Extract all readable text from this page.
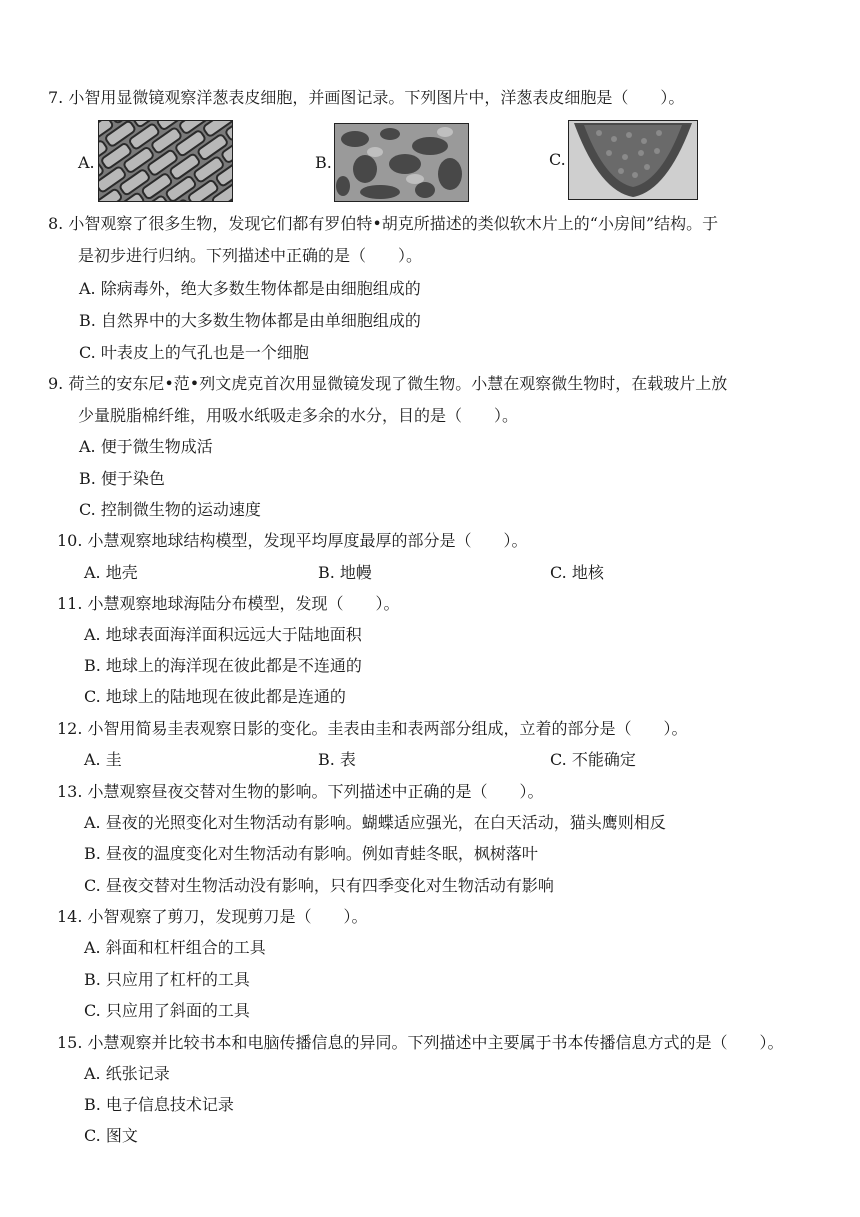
7. 小智用显微镜观察洋葱表皮细胞，并画图记录。下列图片中，洋葱表皮细胞是（　　）。
A.	B.	C.
8. 小智观察了很多生物，发现它们都有罗伯特•胡克所描述的类似软木片上的“小房间”结构。于
是初步进行归纳。下列描述中正确的是（　　）。
A. 除病毒外，绝大多数生物体都是由细胞组成的
B. 自然界中的大多数生物体都是由单细胞组成的
C. 叶表皮上的气孔也是一个细胞
9. 荷兰的安东尼•范•列文虎克首次用显微镜发现了微生物。小慧在观察微生物时，在载玻片上放
少量脱脂棉纤维，用吸水纸吸走多余的水分，目的是（　　）。
A. 便于微生物成活
B. 便于染色
C. 控制微生物的运动速度
10. 小慧观察地球结构模型，发现平均厚度最厚的部分是（　　）。
A. 地壳	B. 地幔	C. 地核
11. 小慧观察地球海陆分布模型，发现（　　）。
A. 地球表面海洋面积远远大于陆地面积
B. 地球上的海洋现在彼此都是不连通的
C. 地球上的陆地现在彼此都是连通的
12. 小智用简易圭表观察日影的变化。圭表由圭和表两部分组成，立着的部分是（　　）。
A. 圭	B. 表	C. 不能确定
13. 小慧观察昼夜交替对生物的影响。下列描述中正确的是（　　）。
A. 昼夜的光照变化对生物活动有影响。蝴蝶适应强光，在白天活动，猫头鹰则相反
B. 昼夜的温度变化对生物活动有影响。例如青蛙冬眠，枫树落叶
C. 昼夜交替对生物活动没有影响，只有四季变化对生物活动有影响
14. 小智观察了剪刀，发现剪刀是（　　）。
A. 斜面和杠杆组合的工具
B. 只应用了杠杆的工具
C. 只应用了斜面的工具
15. 小慧观察并比较书本和电脑传播信息的异同。下列描述中主要属于书本传播信息方式的是（　　）。
A. 纸张记录
B. 电子信息技术记录
C. 图文
